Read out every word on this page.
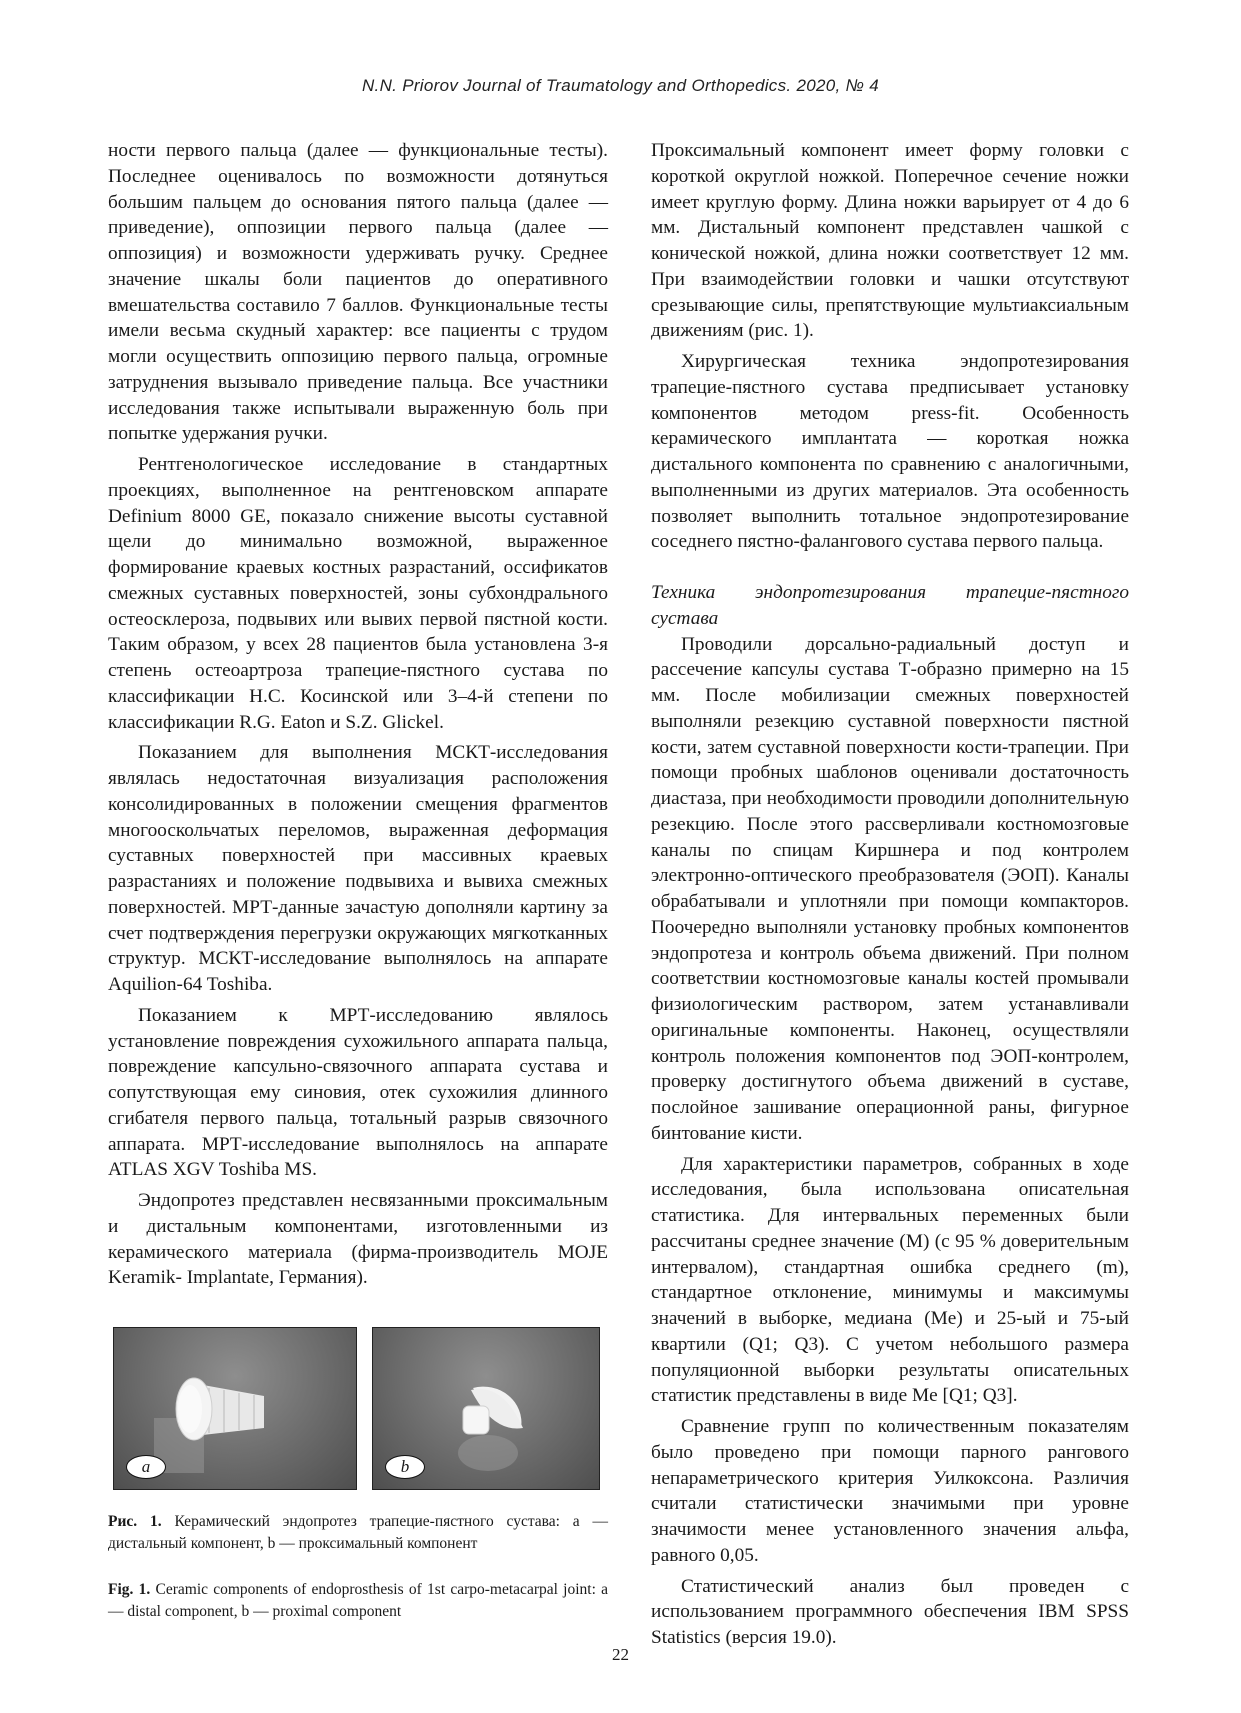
N.N. Priorov Journal of Traumatology and Orthopedics. 2020, № 4

ности первого пальца (далее — функциональные тесты). Последнее оценивалось по возможности дотянуться большим пальцем до основания пятого пальца (далее — приведение), оппозиции первого пальца (далее — оппозиция) и возможности удерживать ручку. Среднее значение шкалы боли пациентов до оперативного вмешательства составило 7 баллов. Функциональные тесты имели весьма скудный характер: все пациенты с трудом могли осуществить оппозицию первого пальца, огромные затруднения вызывало приведение пальца. Все участники исследования также испытывали выраженную боль при попытке удержания ручки.

Рентгенологическое исследование в стандартных проекциях, выполненное на рентгеновском аппарате Definium 8000 GE, показало снижение высоты суставной щели до минимально возможной, выраженное формирование краевых костных разрастаний, оссификатов смежных суставных поверхностей, зоны субхондрального остеосклероза, подвывих или вывих первой пястной кости. Таким образом, у всех 28 пациентов была установлена 3-я степень остеоартроза трапецие-пястного сустава по классификации Н.С. Косинской или 3–4-й степени по классификации R.G. Eaton и S.Z. Glickel.

Показанием для выполнения МСКТ-исследования являлась недостаточная визуализация расположения консолидированных в положении смещения фрагментов многооскольчатых переломов, выраженная деформация суставных поверхностей при массивных краевых разрастаниях и положение подвывиха и вывиха смежных поверхностей. МРТ-данные зачастую дополняли картину за счет подтверждения перегрузки окружающих мягкотканных структур. МСКТ-исследование выполнялось на аппарате Aquilion-64 Toshiba.

Показанием к МРТ-исследованию являлось установление повреждения сухожильного аппарата пальца, повреждение капсульно-связочного аппарата сустава и сопутствующая ему синовия, отек сухожилия длинного сгибателя первого пальца, тотальный разрыв связочного аппарата. МРТ-исследование выполнялось на аппарате ATLAS XGV Toshiba MS.

Эндопротез представлен несвязанными проксимальным и дистальным компонентами, изготовленными из керамического материала (фирма-производитель MOJE Keramik- Implantate, Германия).

a	b
Рис. 1. Керамический эндопротез трапецие-пястного сустава: a — дистальный компонент, b — проксимальный компонент
Fig. 1. Ceramic components of endoprosthesis of 1st carpo-metacarpal joint: a — distal component, b — proximal component

Проксимальный компонент имеет форму головки с короткой округлой ножкой. Поперечное сечение ножки имеет круглую форму. Длина ножки варьирует от 4 до 6 мм. Дистальный компонент представлен чашкой с конической ножкой, длина ножки соответствует 12 мм. При взаимодействии головки и чашки отсутствуют срезывающие силы, препятствующие мультиаксиальным движениям (рис. 1).

Хирургическая техника эндопротезирования трапецие-пястного сустава предписывает установку компонентов методом press-fit. Особенность керамического имплантата — короткая ножка дистального компонента по сравнению с аналогичными, выполненными из других материалов. Эта особенность позволяет выполнить тотальное эндопротезирование соседнего пястно-фалангового сустава первого пальца.

Техника эндопротезирования трапецие-пястного сустава

Проводили дорсально-радиальный доступ и рассечение капсулы сустава Т-образно примерно на 15 мм. После мобилизации смежных поверхностей выполняли резекцию суставной поверхности пястной кости, затем суставной поверхности кости-трапеции. При помощи пробных шаблонов оценивали достаточность диастаза, при необходимости проводили дополнительную резекцию. После этого рассверливали костномозговые каналы по спицам Киршнера и под контролем электронно-оптического преобразователя (ЭОП). Каналы обрабатывали и уплотняли при помощи компакторов. Поочередно выполняли установку пробных компонентов эндопротеза и контроль объема движений. При полном соответствии костномозговые каналы костей промывали физиологическим раствором, затем устанавливали оригинальные компоненты. Наконец, осуществляли контроль положения компонентов под ЭОП-контролем, проверку достигнутого объема движений в суставе, послойное зашивание операционной раны, фигурное бинтование кисти.

Для характеристики параметров, собранных в ходе исследования, была использована описательная статистика. Для интервальных переменных были рассчитаны среднее значение (M) (с 95 % доверительным интервалом), стандартная ошибка среднего (m), стандартное отклонение, минимумы и максимумы значений в выборке, медиана (Me) и 25-ый и 75-ый квартили (Q1; Q3). С учетом небольшого размера популяционной выборки результаты описательных статистик представлены в виде Me [Q1; Q3].

Сравнение групп по количественным показателям было проведено при помощи парного рангового непараметрического критерия Уилкоксона. Различия считали статистически значимыми при уровне значимости менее установленного значения альфа, равного 0,05.

Статистический анализ был проведен с использованием программного обеспечения IBM SPSS Statistics (версия 19.0).

22
